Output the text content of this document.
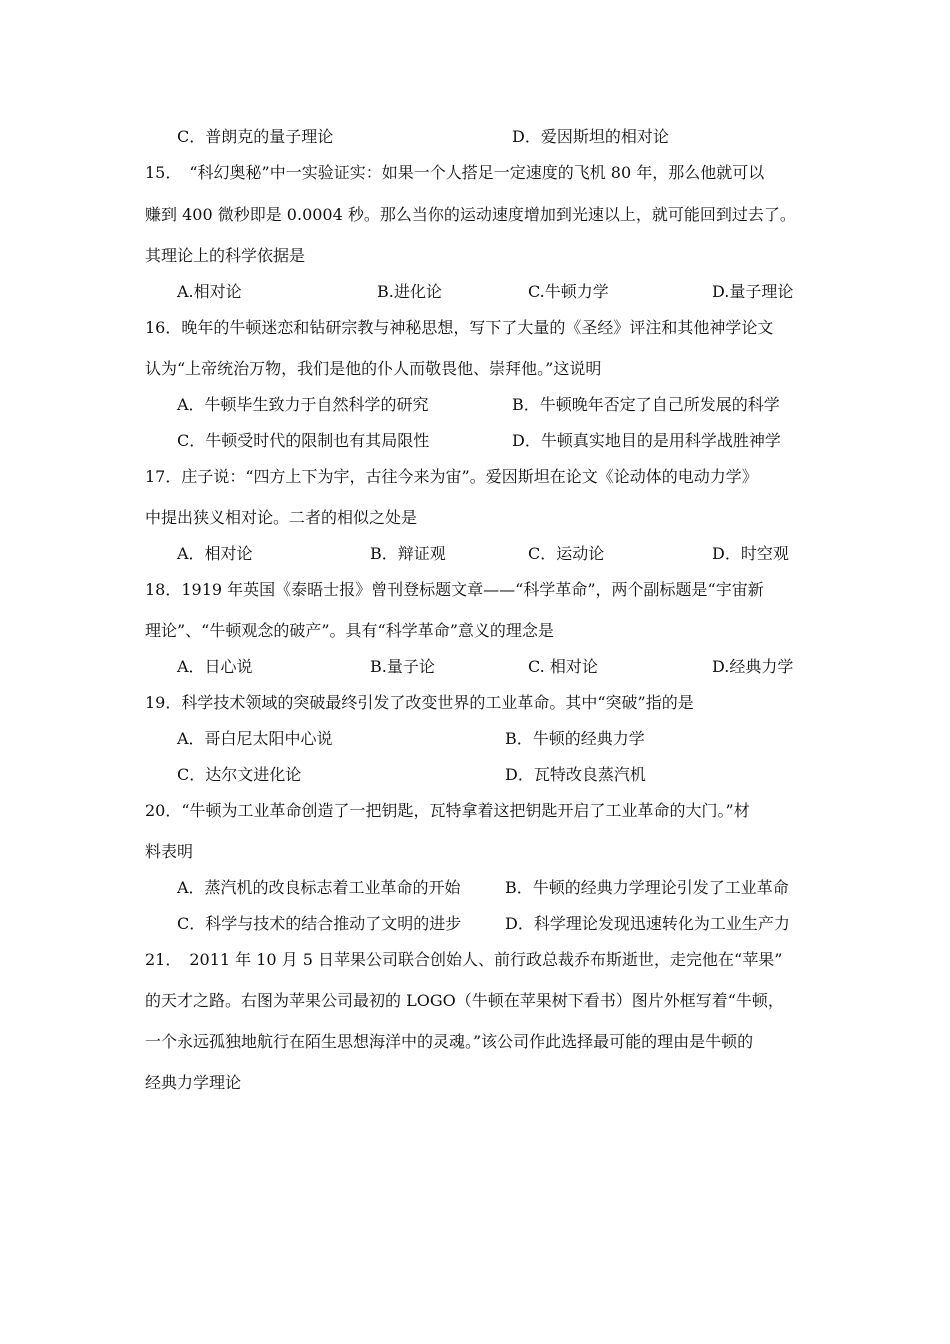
C．普朗克的量子理论	D．爱因斯坦的相对论
15．　“科幻奥秘”中一实验证实：如果一个人搭足一定速度的飞机 80 年，那么他就可以
赚到 400 微秒即是 0.0004 秒。那么当你的运动速度增加到光速以上，就可能回到过去了。
其理论上的科学依据是
A.相对论	B.进化论	C.牛顿力学	D.量子理论
16．晚年的牛顿迷恋和钻研宗教与神秘思想，写下了大量的《圣经》评注和其他神学论文
认为“上帝统治万物，我们是他的仆人而敬畏他、崇拜他。”这说明
A．牛顿毕生致力于自然科学的研究	B．牛顿晚年否定了自己所发展的科学
C．牛顿受时代的限制也有其局限性	D．牛顿真实地目的是用科学战胜神学
17．庄子说：“四方上下为宇，古往今来为宙”。爱因斯坦在论文《论动体的电动力学》
中提出狭义相对论。二者的相似之处是
A．相对论	B．辩证观	C．运动论	D．时空观
18．1919 年英国《泰晤士报》曾刊登标题文章——“科学革命”，两个副标题是“宇宙新
理论”、“牛顿观念的破产”。具有“科学革命”意义的理念是
A．日心说	B.量子论	C. 相对论	D.经典力学
19．科学技术领域的突破最终引发了改变世界的工业革命。其中“突破”指的是
A．哥白尼太阳中心说	B．牛顿的经典力学
C．达尔文进化论	D．瓦特改良蒸汽机
20．“牛顿为工业革命创造了一把钥匙，瓦特拿着这把钥匙开启了工业革命的大门。”材
料表明
A．蒸汽机的改良标志着工业革命的开始	B．牛顿的经典力学理论引发了工业革命
C．科学与技术的结合推动了文明的进步	D．科学理论发现迅速转化为工业生产力
21．　2011 年 10 月 5 日苹果公司联合创始人、前行政总裁乔布斯逝世，走完他在“苹果”
的天才之路。右图为苹果公司最初的 LOGO（牛顿在苹果树下看书）图片外框写着“牛顿，
一个永远孤独地航行在陌生思想海洋中的灵魂。”该公司作此选择最可能的理由是牛顿的
经典力学理论
